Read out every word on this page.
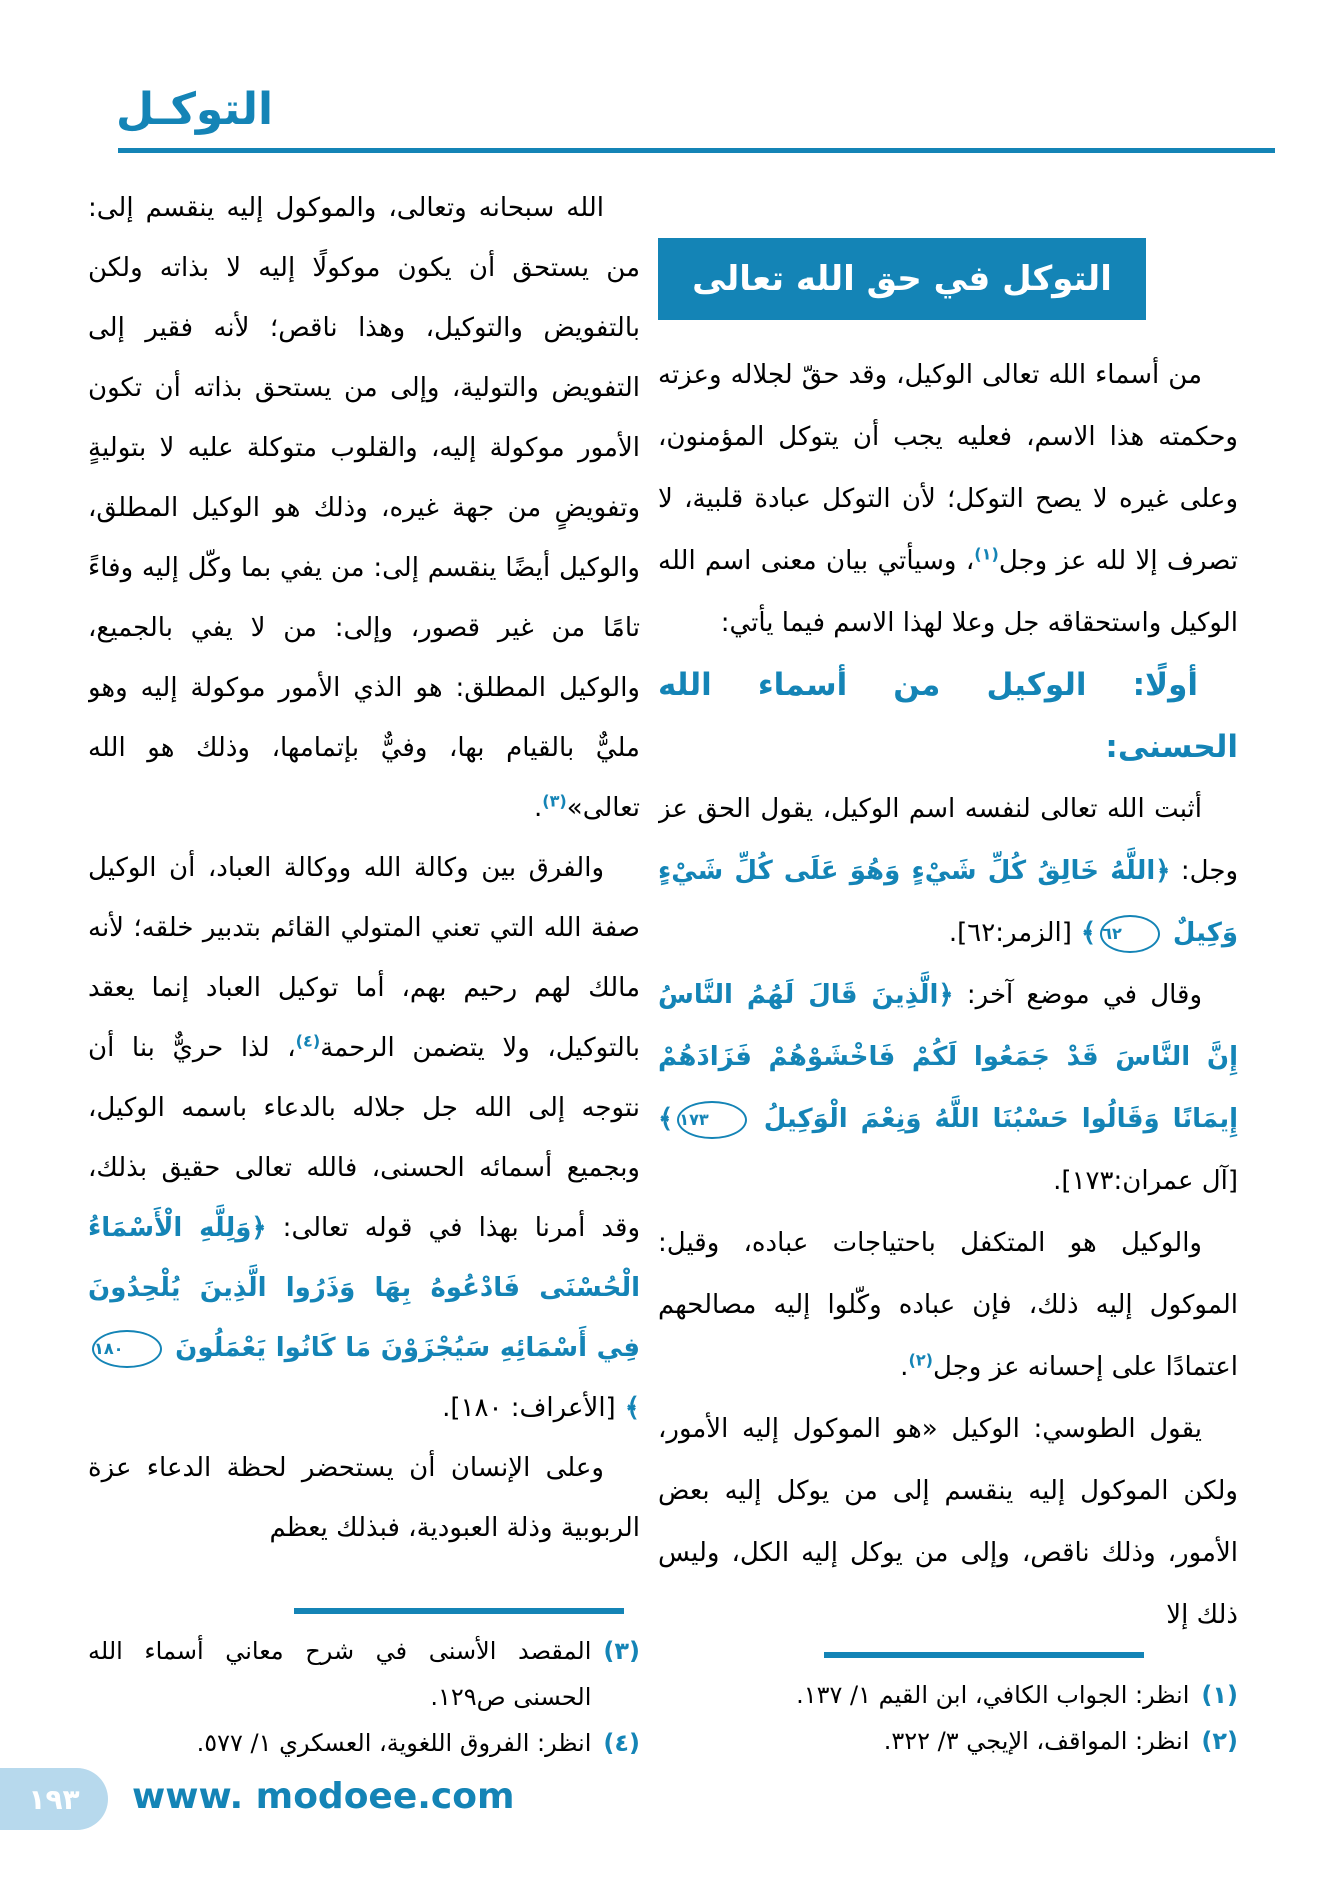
التوكـل
التوكل في حق الله تعالى

من أسماء الله تعالى الوكيل، وقد حقّ لجلاله وعزته وحكمته هذا الاسم، فعليه يجب أن يتوكل المؤمنون، وعلى غيره لا يصح التوكل؛ لأن التوكل عبادة قلبية، لا تصرف إلا لله عز وجل$^{(١)}$، وسيأتي بيان معنى اسم الله الوكيل واستحقاقه جل وعلا لهذا الاسم فيما يأتي:

أولًا: الوكيل من أسماء الله الحسنى:

أثبت الله تعالى لنفسه اسم الوكيل، يقول الحق عز وجل: ﴿اللَّهُ خَالِقُ كُلِّ شَيْءٍ وَهُوَ عَلَى كُلِّ شَيْءٍ وَكِيلٌ ٦٢﴾ [الزمر:٦٢].

وقال في موضع آخر: ﴿الَّذِينَ قَالَ لَهُمُ النَّاسُ إِنَّ النَّاسَ قَدْ جَمَعُوا لَكُمْ فَاخْشَوْهُمْ فَزَادَهُمْ إِيمَانًا وَقَالُوا حَسْبُنَا اللَّهُ وَنِعْمَ الْوَكِيلُ ١٧٣﴾ [آل عمران:١٧٣].

والوكيل هو المتكفل باحتياجات عباده، وقيل: الموكول إليه ذلك، فإن عباده وكّلوا إليه مصالحهم اعتمادًا على إحسانه عز وجل$^{(٢)}$.

يقول الطوسي: الوكيل «هو الموكول إليه الأمور، ولكن الموكول إليه ينقسم إلى من يوكل إليه بعض الأمور، وذلك ناقص، وإلى من يوكل إليه الكل، وليس ذلك إلا

(١)
انظر: الجواب الكافي، ابن القيم ١/ ١٣٧.
(٢)
انظر: المواقف، الإيجي ٣/ ٣٢٢.

الله سبحانه وتعالى، والموكول إليه ينقسم إلى: من يستحق أن يكون موكولًا إليه لا بذاته ولكن بالتفويض والتوكيل، وهذا ناقص؛ لأنه فقير إلى التفويض والتولية، وإلى من يستحق بذاته أن تكون الأمور موكولة إليه، والقلوب متوكلة عليه لا بتوليةٍ وتفويضٍ من جهة غيره، وذلك هو الوكيل المطلق، والوكيل أيضًا ينقسم إلى: من يفي بما وكّل إليه وفاءً تامًا من غير قصور، وإلى: من لا يفي بالجميع، والوكيل المطلق: هو الذي الأمور موكولة إليه وهو مليٌّ بالقيام بها، وفيٌّ بإتمامها، وذلك هو الله تعالى»$^{(٣)}$.

والفرق بين وكالة الله ووكالة العباد، أن الوكيل صفة الله التي تعني المتولي القائم بتدبير خلقه؛ لأنه مالك لهم رحيم بهم، أما توكيل العباد إنما يعقد بالتوكيل، ولا يتضمن الرحمة$^{(٤)}$، لذا حريٌّ بنا أن نتوجه إلى الله جل جلاله بالدعاء باسمه الوكيل، وبجميع أسمائه الحسنى، فالله تعالى حقيق بذلك، وقد أمرنا بهذا في قوله تعالى: ﴿وَلِلَّهِ الْأَسْمَاءُ الْحُسْنَى فَادْعُوهُ بِهَا وَذَرُوا الَّذِينَ يُلْحِدُونَ فِي أَسْمَائِهِ سَيُجْزَوْنَ مَا كَانُوا يَعْمَلُونَ ١٨٠﴾ [الأعراف: ١٨٠].

وعلى الإنسان أن يستحضر لحظة الدعاء عزة الربوبية وذلة العبودية، فبذلك يعظم

(٣)
المقصد الأسنى في شرح معاني أسماء الله الحسنى ص١٢٩.
(٤)
انظر: الفروق اللغوية، العسكري ١/ ٥٧٧.
١٩٣ www. modoee.com
